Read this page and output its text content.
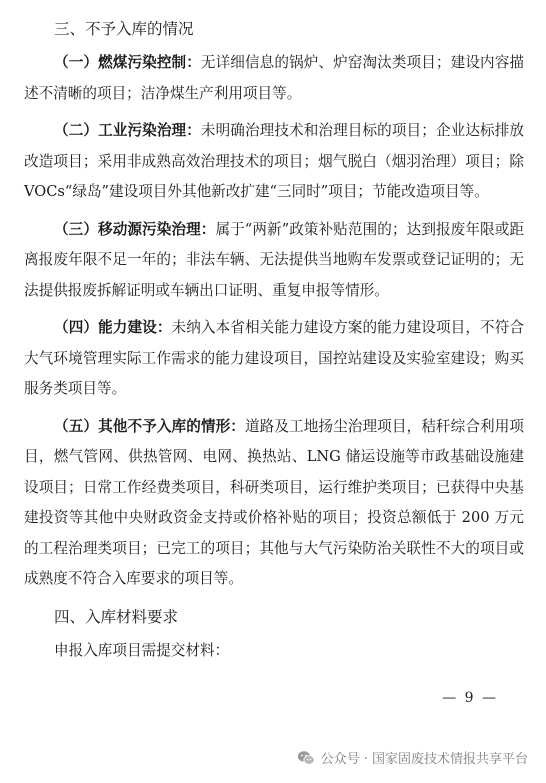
三、不予入库的情况

（一）燃煤污染控制：无详细信息的锅炉、炉窑淘汰类项目；建设内容描述不清晰的项目；洁净煤生产利用项目等。

（二）工业污染治理：未明确治理技术和治理目标的项目；企业达标排放改造项目；采用非成熟高效治理技术的项目；烟气脱白（烟羽治理）项目；除 VOCs“绿岛”建设项目外其他新改扩建“三同时”项目；节能改造项目等。

（三）移动源污染治理：属于“两新”政策补贴范围的；达到报废年限或距离报废年限不足一年的；非法车辆、无法提供当地购车发票或登记证明的；无法提供报废拆解证明或车辆出口证明、重复申报等情形。

（四）能力建设：未纳入本省相关能力建设方案的能力建设项目，不符合大气环境管理实际工作需求的能力建设项目，国控站建设及实验室建设；购买服务类项目等。

（五）其他不予入库的情形：道路及工地扬尘治理项目，秸秆综合利用项目，燃气管网、供热管网、电网、换热站、LNG 储运设施等市政基础设施建设项目；日常工作经费类项目，科研类项目，运行维护类项目；已获得中央基建投资等其他中央财政资金支持或价格补贴的项目；投资总额低于 200 万元的工程治理类项目；已完工的项目；其他与大气污染防治关联性不大的项目或成熟度不符合入库要求的项目等。

四、入库材料要求

申报入库项目需提交材料：

— 9 —
公众号 · 国家固废技术情报共享平台
